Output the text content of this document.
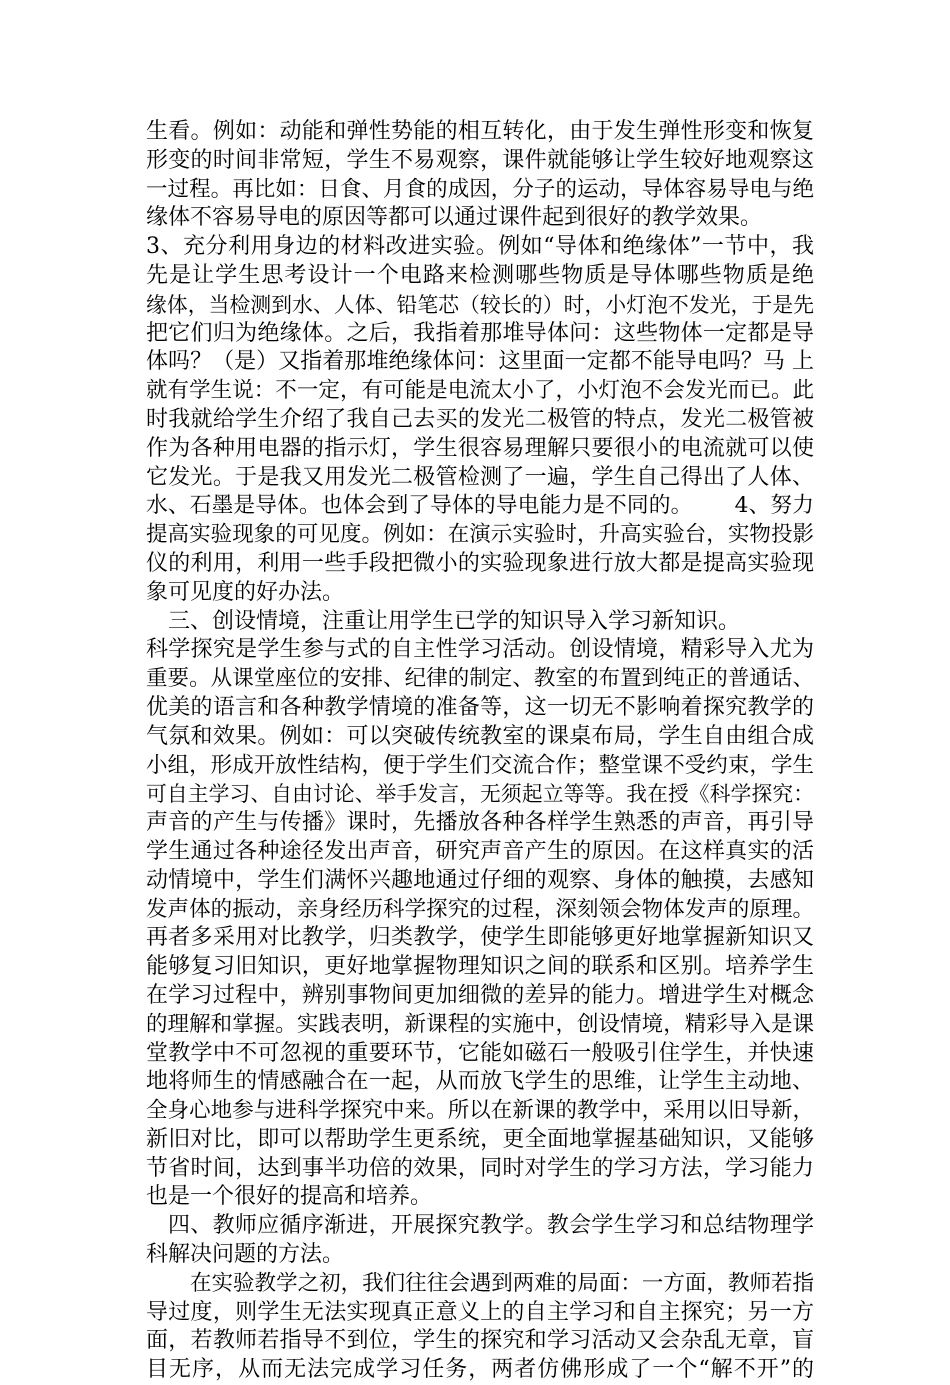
生看。例如：动能和弹性势能的相互转化，由于发生弹性形变和恢复
形变的时间非常短，学生不易观察，课件就能够让学生较好地观察这
一过程。再比如：日食、月食的成因，分子的运动，导体容易导电与绝
缘体不容易导电的原因等都可以通过课件起到很好的教学效果。
3、充分利用身边的材料改进实验。例如“导体和绝缘体”一节中，我
先是让学生思考设计一个电路来检测哪些物质是导体哪些物质是绝
缘体，当检测到水、人体、铅笔芯（较长的）时，小灯泡不发光，于是先
把它们归为绝缘体。之后，我指着那堆导体问：这些物体一定都是导
体吗？（是）又指着那堆绝缘体问：这里面一定都不能导电吗？马 上
就有学生说：不一定，有可能是电流太小了，小灯泡不会发光而已。此
时我就给学生介绍了我自己去买的发光二极管的特点，发光二极管被
作为各种用电器的指示灯，学生很容易理解只要很小的电流就可以使
它发光。于是我又用发光二极管检测了一遍，学生自己得出了人体、
水、石墨是导体。也体会到了导体的导电能力是不同的。      4、努力
提高实验现象的可见度。例如：在演示实验时，升高实验台，实物投影
仪的利用，利用一些手段把微小的实验现象进行放大都是提高实验现
象可见度的好办法。
三、创设情境，注重让用学生已学的知识导入学习新知识。
科学探究是学生参与式的自主性学习活动。创设情境，精彩导入尤为
重要。从课堂座位的安排、纪律的制定、教室的布置到纯正的普通话、
优美的语言和各种教学情境的准备等，这一切无不影响着探究教学的
气氛和效果。例如：可以突破传统教室的课桌布局，学生自由组合成
小组，形成开放性结构，便于学生们交流合作；整堂课不受约束，学生
可自主学习、自由讨论、举手发言，无须起立等等。我在授《科学探究：
声音的产生与传播》课时，先播放各种各样学生熟悉的声音，再引导
学生通过各种途径发出声音，研究声音产生的原因。在这样真实的活
动情境中，学生们满怀兴趣地通过仔细的观察、身体的触摸，去感知
发声体的振动，亲身经历科学探究的过程，深刻领会物体发声的原理。
再者多采用对比教学，归类教学，使学生即能够更好地掌握新知识又
能够复习旧知识，更好地掌握物理知识之间的联系和区别。培养学生
在学习过程中，辨别事物间更加细微的差异的能力。增进学生对概念
的理解和掌握。实践表明，新课程的实施中，创设情境，精彩导入是课
堂教学中不可忽视的重要环节，它能如磁石一般吸引住学生，并快速
地将师生的情感融合在一起，从而放飞学生的思维，让学生主动地、
全身心地参与进科学探究中来。所以在新课的教学中，采用以旧导新，
新旧对比，即可以帮助学生更系统，更全面地掌握基础知识，又能够
节省时间，达到事半功倍的效果，同时对学生的学习方法，学习能力
也是一个很好的提高和培养。
四、教师应循序渐进，开展探究教学。教会学生学习和总结物理学
科解决问题的方法。
在实验教学之初，我们往往会遇到两难的局面：一方面，教师若指
导过度，则学生无法实现真正意义上的自主学习和自主探究；另一方
面，若教师若指导不到位，学生的探究和学习活动又会杂乱无章，盲
目无序，从而无法完成学习任务，两者仿佛形成了一个“解不开”的
